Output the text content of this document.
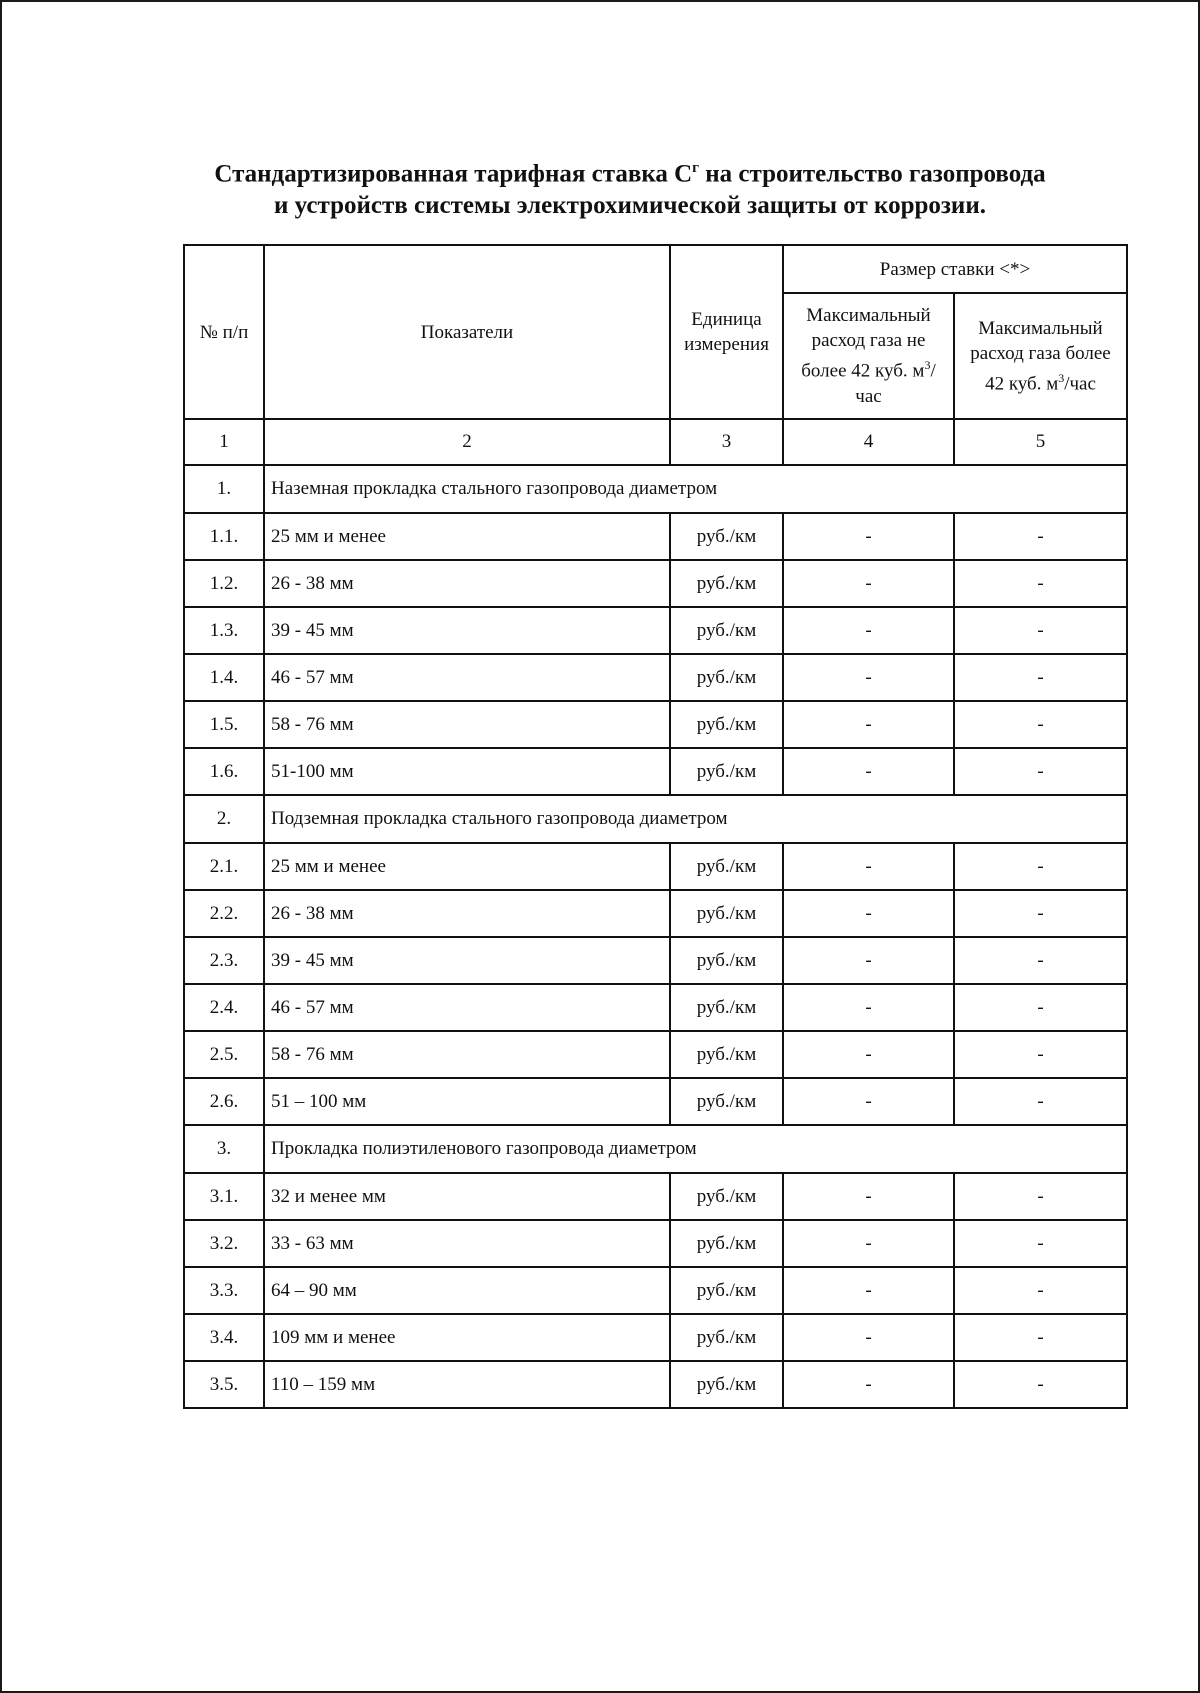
Стандартизированная тарифная ставка $С^г$ на строительство газопровода
и устройств системы электрохимической защиты от коррозии.
№ п/п	Показатели	Единица измерения	Размер ставки <*>	
			Максимальный расход газа не более 42 куб. $м^3$/час	Максимальный расход газа более 42 куб. $м^3$/час
1	2	3	4	5
1.	Наземная прокладка стального газопровода диаметром			
1.1.	25 мм и менее	руб./км	-	-
1.2.	26 - 38 мм	руб./км	-	-
1.3.	39 - 45 мм	руб./км	-	-
1.4.	46 - 57 мм	руб./км	-	-
1.5.	58 - 76 мм	руб./км	-	-
1.6.	51-100 мм	руб./км	-	-
2.	Подземная прокладка стального газопровода диаметром			
2.1.	25 мм и менее	руб./км	-	-
2.2.	26 - 38 мм	руб./км	-	-
2.3.	39 - 45 мм	руб./км	-	-
2.4.	46 - 57 мм	руб./км	-	-
2.5.	58 - 76 мм	руб./км	-	-
2.6.	51 – 100 мм	руб./км	-	-
3.	Прокладка полиэтиленового газопровода диаметром			
3.1.	32 и менее мм	руб./км	-	-
3.2.	33 - 63 мм	руб./км	-	-
3.3.	64 – 90 мм	руб./км	-	-
3.4.	109 мм и менее	руб./км	-	-
3.5.	110 – 159 мм	руб./км	-	-
